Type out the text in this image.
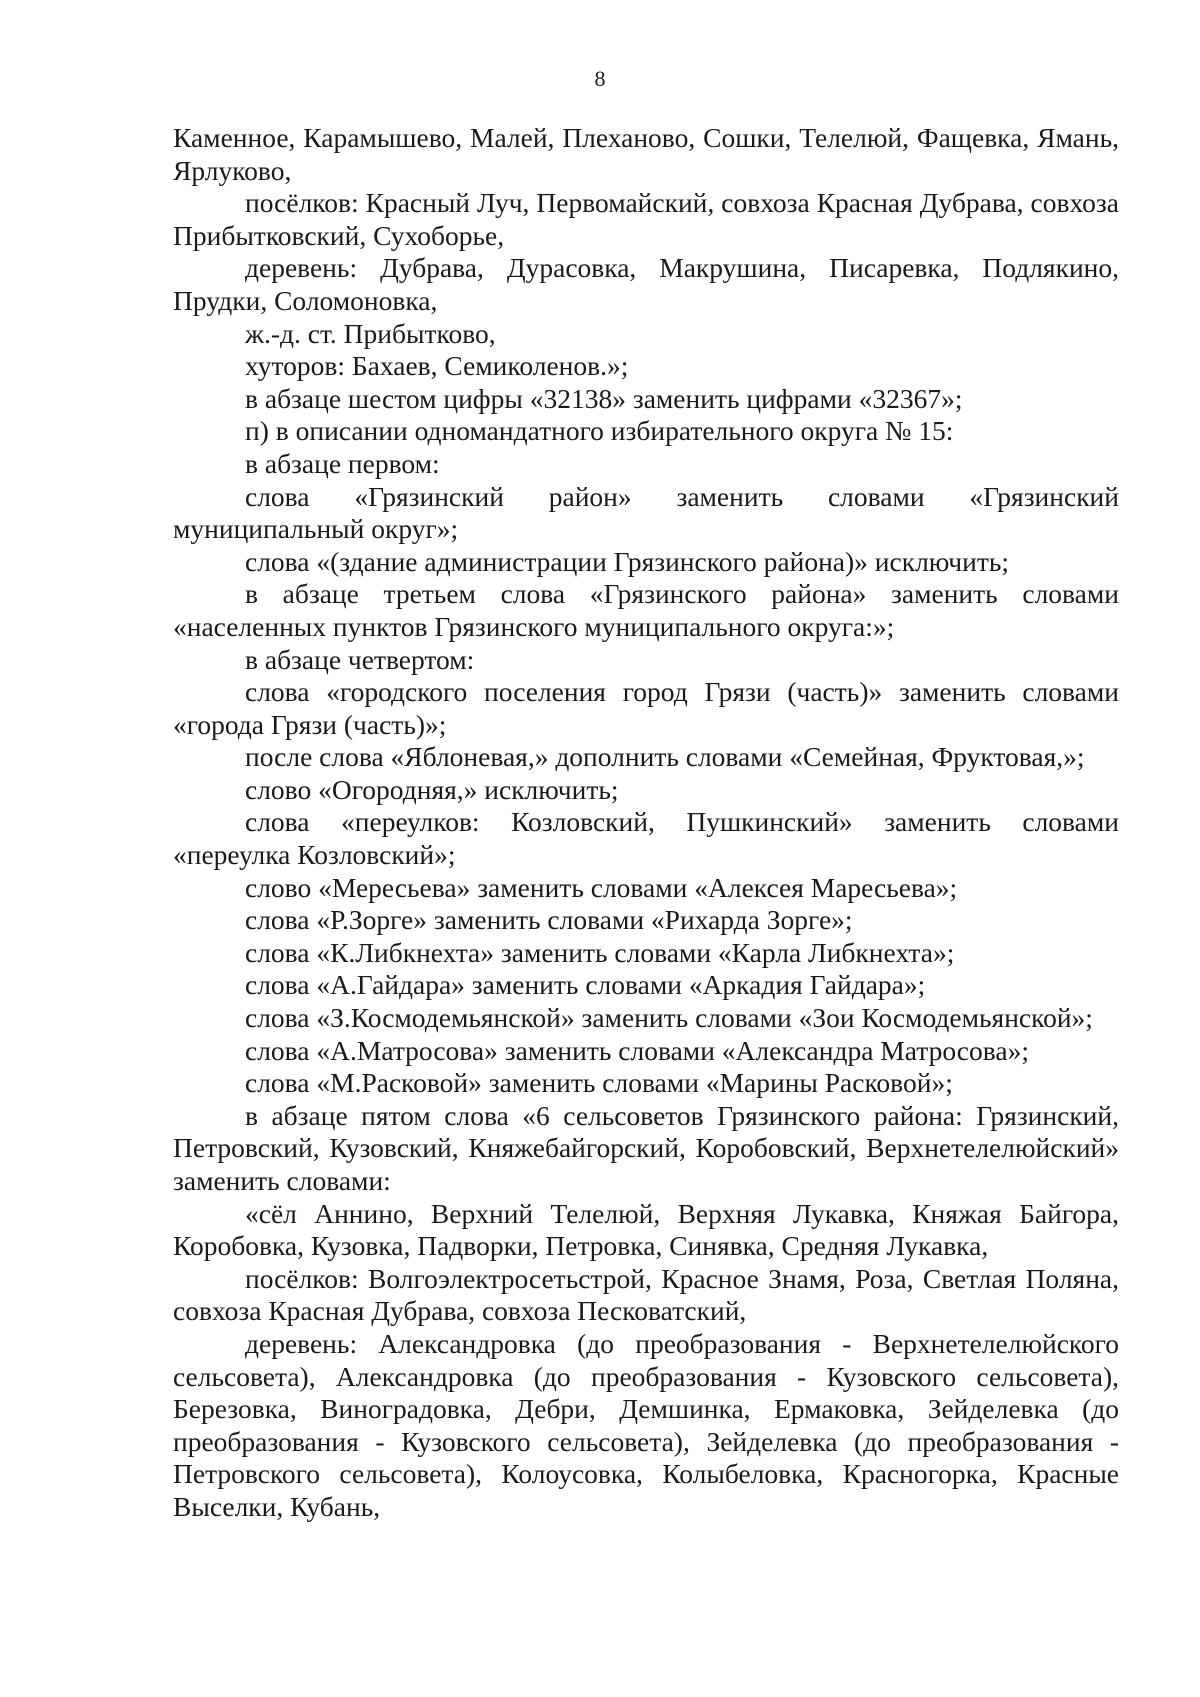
8

Каменное, Карамышево, Малей, Плеханово, Сошки, Телелюй, Фащевка, Ямань, Ярлуково,

посёлков: Красный Луч, Первомайский, совхоза Красная Дубрава, совхоза Прибытковский, Сухоборье,

деревень: Дубрава, Дурасовка, Макрушина, Писаревка, Подлякино, Прудки, Соломоновка,

ж.-д. ст. Прибытково,

хуторов: Бахаев, Семиколенов.»;

в абзаце шестом цифры «32138» заменить цифрами «32367»;

п) в описании одномандатного избирательного округа № 15:

в абзаце первом:

слова «Грязинский район» заменить словами «Грязинский муниципальный округ»;

слова «(здание администрации Грязинского района)» исключить;

в абзаце третьем слова «Грязинского района» заменить словами «населенных пунктов Грязинского муниципального округа:»;

в абзаце четвертом:

слова «городского поселения город Грязи (часть)» заменить словами «города Грязи (часть)»;

после слова «Яблоневая,» дополнить словами «Семейная, Фруктовая,»;

слово «Огородняя,» исключить;

слова «переулков: Козловский, Пушкинский» заменить словами «переулка Козловский»;

слово «Мересьева» заменить словами «Алексея Маресьева»;

слова «Р.Зорге» заменить словами «Рихарда Зорге»;

слова «К.Либкнехта» заменить словами «Карла Либкнехта»;

слова «А.Гайдара» заменить словами «Аркадия Гайдара»;

слова «З.Космодемьянской» заменить словами «Зои Космодемьянской»;

слова «А.Матросова» заменить словами «Александра Матросова»;

слова «М.Расковой» заменить словами «Марины Расковой»;

в абзаце пятом слова «6 сельсоветов Грязинского района: Грязинский, Петровский, Кузовский, Княжебайгорский, Коробовский, Верхнетелелюйский» заменить словами:

«сёл Аннино, Верхний Телелюй, Верхняя Лукавка, Княжая Байгора, Коробовка, Кузовка, Падворки, Петровка, Синявка, Средняя Лукавка,

посёлков: Волгоэлектросетьстрой, Красное Знамя, Роза, Светлая Поляна, совхоза Красная Дубрава, совхоза Песковатский,

деревень: Александровка (до преобразования - Верхнетелелюйского сельсовета), Александровка (до преобразования - Кузовского сельсовета), Березовка, Виноградовка, Дебри, Демшинка, Ермаковка, Зейделевка (до преобразования - Кузовского сельсовета), Зейделевка (до преобразования - Петровского сельсовета), Колоусовка, Колыбеловка, Красногорка, Красные Выселки, Кубань,
